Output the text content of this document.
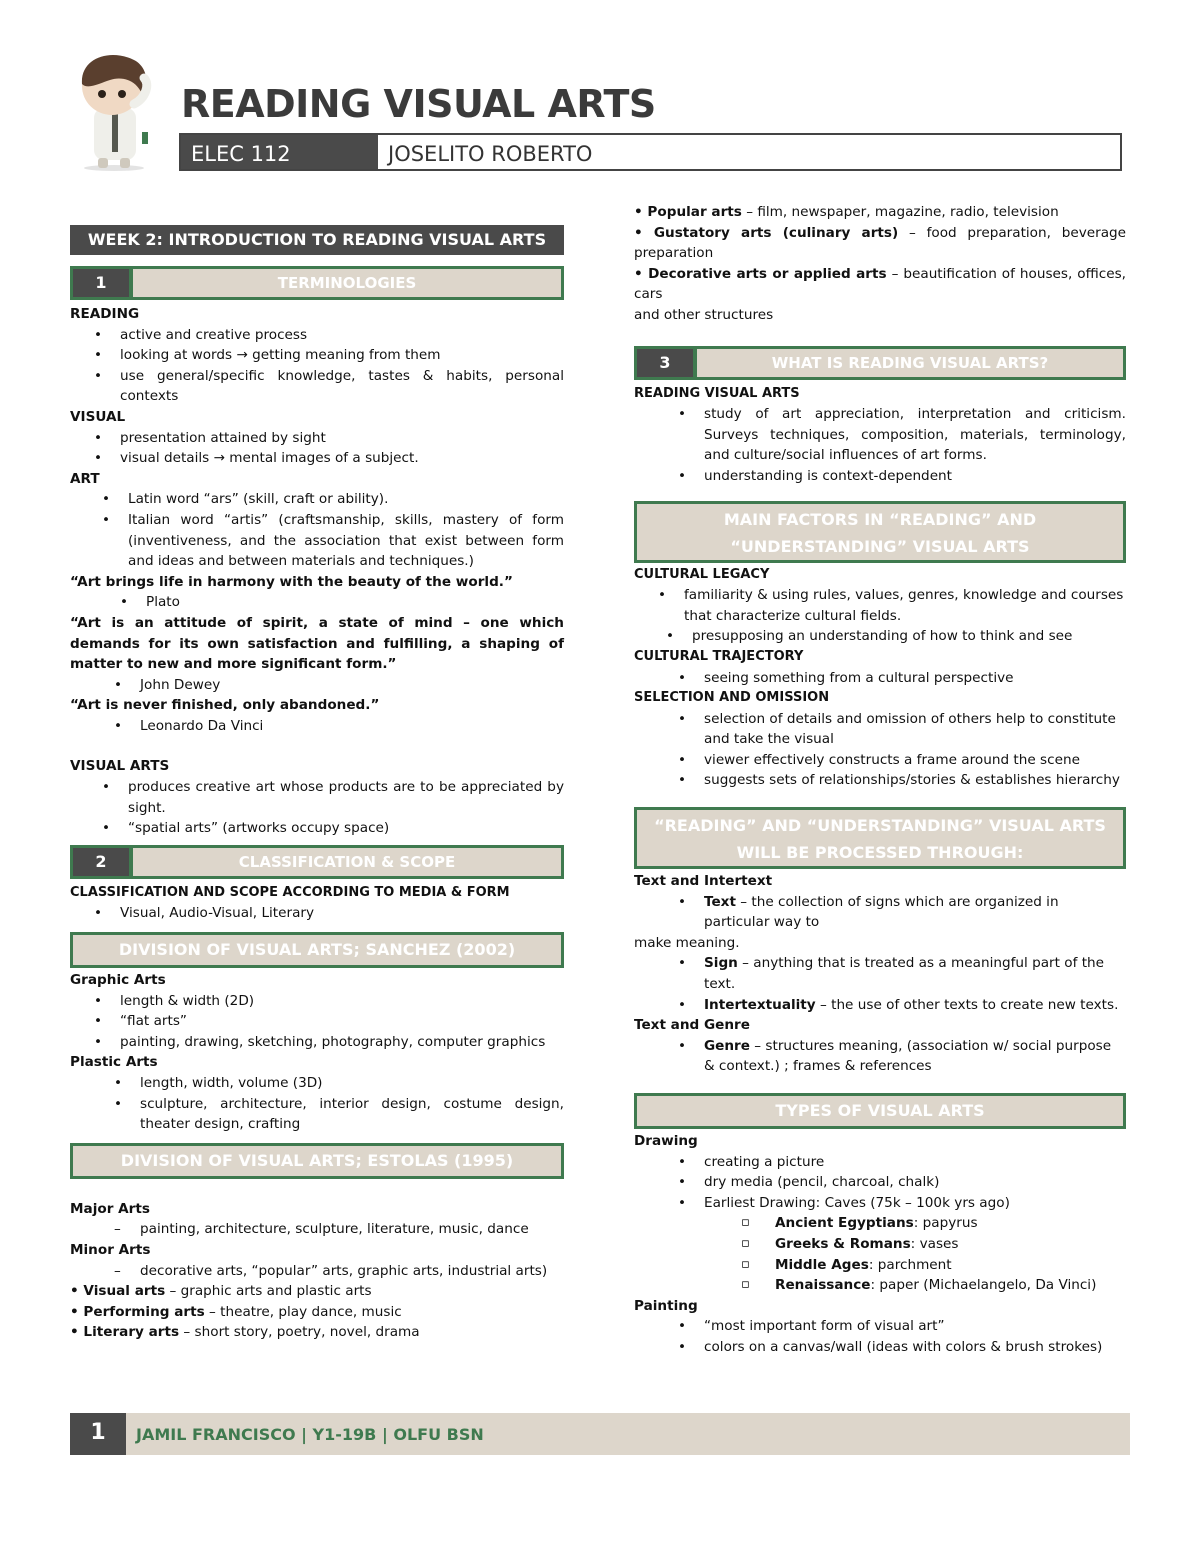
READING VISUAL ARTS
ELEC 112	JOSELITO ROBERTO
WEEK 2: INTRODUCTION TO READING VISUAL ARTS
1	TERMINOLOGIES

READING

• active and creative process

• looking at words → getting meaning from them

• use general/specific knowledge, tastes & habits, personal contexts

VISUAL

• presentation attained by sight

• visual details → mental images of a subject.

ART

• Latin word “ars” (skill, craft or ability).

• Italian word “artis” (craftsmanship, skills, mastery of form (inventiveness, and the association that exist between form and ideas and between materials and techniques.)

“Art brings life in harmony with the beauty of the world.”

• Plato

“Art is an attitude of spirit, a state of mind – one which demands for its own satisfaction and fulfilling, a shaping of matter to new and more significant form.”

• John Dewey

“Art is never finished, only abandoned.”

• Leonardo Da Vinci

VISUAL ARTS

• produces creative art whose products are to be appreciated by sight.

• “spatial arts” (artworks occupy space)

2	CLASSIFICATION & SCOPE

CLASSIFICATION AND SCOPE ACCORDING TO MEDIA & FORM

• Visual, Audio-Visual, Literary

DIVISION OF VISUAL ARTS; SANCHEZ (2002)

Graphic Arts

• length & width (2D)

• “flat arts”

• painting, drawing, sketching, photography, computer graphics

Plastic Arts

• length, width, volume (3D)

• sculpture, architecture, interior design, costume design, theater design, crafting

DIVISION OF VISUAL ARTS; ESTOLAS (1995)

Major Arts

– painting, architecture, sculpture, literature, music, dance

Minor Arts

– decorative arts, “popular” arts, graphic arts, industrial arts)

• Visual arts – graphic arts and plastic arts

• Performing arts – theatre, play dance, music

• Literary arts – short story, poetry, novel, drama

• Popular arts – film, newspaper, magazine, radio, television

• Gustatory arts (culinary arts) – food preparation, beverage preparation

• Decorative arts or applied arts – beautification of houses, offices, cars

and other structures

3	WHAT IS READING VISUAL ARTS?

READING VISUAL ARTS

• study of art appreciation, interpretation and criticism. Surveys techniques, composition, materials, terminology, and culture/social influences of art forms.

• understanding is context-dependent

MAIN FACTORS IN “READING” AND “UNDERSTANDING” VISUAL ARTS

CULTURAL LEGACY

• familiarity & using rules, values, genres, knowledge and courses that characterize cultural fields.

• presupposing an understanding of how to think and see

CULTURAL TRAJECTORY

• seeing something from a cultural perspective

SELECTION AND OMISSION

• selection of details and omission of others help to constitute and take the visual

• viewer effectively constructs a frame around the scene

• suggests sets of relationships/stories & establishes hierarchy

“READING” AND “UNDERSTANDING” VISUAL ARTS WILL BE PROCESSED THROUGH:

Text and Intertext

• Text – the collection of signs which are organized in particular way to

make meaning.

• Sign – anything that is treated as a meaningful part of the text.

• Intertextuality – the use of other texts to create new texts.

Text and Genre

• Genre – structures meaning, (association w/ social purpose & context.) ; frames & references

TYPES OF VISUAL ARTS

Drawing

• creating a picture

• dry media (pencil, charcoal, chalk)

• Earliest Drawing: Caves (75k – 100k yrs ago)

▫ Ancient Egyptians: papyrus

▫ Greeks & Romans: vases

▫ Middle Ages: parchment

▫ Renaissance: paper (Michaelangelo, Da Vinci)

Painting

• “most important form of visual art”

• colors on a canvas/wall (ideas with colors & brush strokes)

1	JAMIL FRANCISCO | Y1-19B | OLFU BSN
